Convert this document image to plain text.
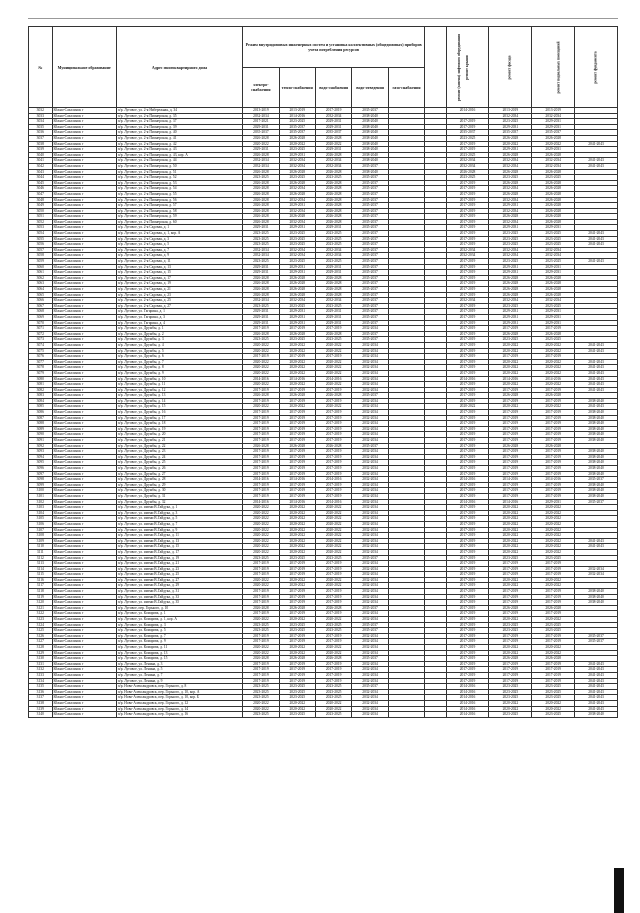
№	Муниципальное образование	Адрес многоквартирного дома	Режим внутридомовых инженерных систем и установка коллективных (общедомовых) приборов учета потребления ресурсов					ремонт (замена) лифтового оборудования	ремонт крыши	ремонт фасада	ремонт подвальных помещений	ремонт фундамента
			электро-снабжения	тепло-снабжения	водо-снабжения	водо-отведения	газо-снабжения					
3032	Южно-Сахалинск г	п/р. Луговое, ул. 2-я Набережная, д. 34	2013-2019	2013-2019	2017-2019	2035-2037			2014-2016	2013-2019	2013-2019	
3033	Южно-Сахалинск г	п/р. Луговое, ул. 2-я Пионерская, д. 35	2032-2034	2014-2016	2032-2034	2038-2040				2032-2034	2032-2034	
3034	Южно-Сахалинск г	п/р. Луговое, ул. 2-я Пионерская, д. 37	2017-2021	2023-2025	2029-2031	2038-2040			2017-2019	2023-2025	2029-2031	
3035	Южно-Сахалинск г	п/р. Луговое, ул. 2-я Пионерская, д. 39	2029-2031	2035-2037	2029-2031	2038-2040			2017-2019	2029-2031	2029-2031	
3036	Южно-Сахалинск г	п/р. Луговое, ул. 2-я Пионерская, д. 40	2035-2037	2035-2037	2035-2037	2038-2040			2035-2037	2035-2037	2035-2037	
3037	Южно-Сахалинск г	п/р. Луговое, ул. 2-я Пионерская, д. 41	2026-2028	2026-2028	2026-2028	2038-2040			2023-2025	2026-2028	2026-2028	
3038	Южно-Сахалинск г	п/р. Луговое, ул. 2-я Пионерская, д. 42	2020-2022	2020-2022	2020-2022	2038-2040			2017-2019	2020-2022	2020-2022	2041-2043
3039	Южно-Сахалинск г	п/р. Луговое, ул. 2-я Пионерская, д. 43	2029-2031	2023-2025	2029-2031	2038-2040			2017-2019	2029-2031	2029-2031	
3040	Южно-Сахалинск г	п/р. Луговое, ул. 2-я Пионерская, д. 43, кор. А	2026-2028	2029-2031	2026-2028	2038-2040			2023-2025	2026-2028	2026-2028	
3041	Южно-Сахалинск г	п/р. Луговое, ул. 2-я Пионерская, д. 44	2032-2034	2032-2034	2032-2034	2038-2040			2032-2034	2032-2034	2032-2034	2041-2043
3042	Южно-Сахалинск г	п/р. Луговое, ул. 2-я Пионерская, д. 50	2032-2034	2032-2034	2032-2034	2035-2037			2032-2034	2032-2034	2032-2034	2041-2043
3043	Южно-Сахалинск г	п/р. Луговое, ул. 2-я Пионерская, д. 51	2026-2028	2026-2028	2026-2028	2038-2040			2026-2028	2026-2028	2026-2028	
3044	Южно-Сахалинск г	п/р. Луговое, ул. 2-я Пионерская, д. 52	2023-2025	2023-2025	2023-2025	2035-2037			2023-2025	2023-2025	2023-2025	
3045	Южно-Сахалинск г	п/р. Луговое, ул. 2-я Пионерская, д. 53	2026-2028	2026-2028	2026-2028	2035-2037			2017-2019	2026-2028	2026-2028	
3046	Южно-Сахалинск г	п/р. Луговое, ул. 2-я Пионерская, д. 54	2026-2028	2032-2034	2026-2028	2035-2037			2017-2019	2032-2034	2026-2028	
3047	Южно-Сахалинск г	п/р. Луговое, ул. 2-я Пионерская, д. 55	2026-2028	2026-2028	2026-2028	2035-2037			2017-2019	2026-2028	2026-2028	
3048	Южно-Сахалинск г	п/р. Луговое, ул. 2-я Пионерская, д. 56	2026-2028	2032-2034	2026-2028	2035-2037			2017-2019	2032-2034	2026-2028	
3049	Южно-Сахалинск г	п/р. Луговое, ул. 2-я Пионерская, д. 57	2026-2028	2029-2031	2026-2028	2035-2037			2017-2019	2029-2031	2026-2028	
3050	Южно-Сахалинск г	п/р. Луговое, ул. 2-я Пионерская, д. 58	2026-2028	2032-2034	2026-2028	2035-2037			2017-2019	2032-2034	2026-2028	
3051	Южно-Сахалинск г	п/р. Луговое, ул. 2-я Пионерская, д. 59	2026-2028	2026-2028	2026-2028	2035-2037			2017-2019	2026-2028	2026-2028	
3052	Южно-Сахалинск г	п/р. Луговое, ул. 2-я Пионерская, д. 60	2026-2028	2032-2034	2026-2028	2035-2037			2017-2019	2032-2034	2026-2028	
3053	Южно-Сахалинск г	п/р. Луговое, ул. 2-я Садовая, д. 1	2029-2031	2029-2031	2029-2031	2035-2037			2017-2019	2029-2031	2029-2031	
3054	Южно-Сахалинск г	п/р. Луговое, ул. 2-я Садовая, д. 1, кор. А	2023-2025	2023-2025	2023-2025	2035-2037			2017-2019	2023-2025	2023-2025	2041-2043
3055	Южно-Сахалинск г	п/р. Луговое, ул. 2-я Садовая, д. 3	2023-2025	2023-2025	2023-2025	2035-2037			2017-2019	2023-2025	2023-2025	2041-2043
3056	Южно-Сахалинск г	п/р. Луговое, ул. 2-я Садовая, д. 5	2023-2025	2023-2025	2023-2025	2035-2037			2017-2019	2023-2025	2023-2025	2041-2043
3057	Южно-Сахалинск г	п/р. Луговое, ул. 2-я Садовая, д. 7	2032-2034	2032-2034	2032-2034	2035-2037			2032-2034	2032-2034	2032-2034	
3058	Южно-Сахалинск г	п/р. Луговое, ул. 2-я Садовая, д. 9	2032-2034	2032-2034	2032-2034	2035-2037			2032-2034	2032-2034	2032-2034	
3059	Южно-Сахалинск г	п/р. Луговое, ул. 2-я Садовая, д. 11	2023-2025	2023-2025	2023-2025	2035-2037			2017-2019	2023-2025	2023-2025	2041-2043
3060	Южно-Сахалинск г	п/р. Луговое, ул. 2-я Садовая, д. 13	2029-2031	2029-2031	2029-2031	2035-2037			2017-2019	2029-2031	2029-2031	
3061	Южно-Сахалинск г	п/р. Луговое, ул. 2-я Садовая, д. 15	2029-2031	2029-2031	2029-2031	2035-2037			2017-2019	2029-2031	2029-2031	
3062	Южно-Сахалинск г	п/р. Луговое, ул. 2-я Садовая, д. 17	2026-2028	2026-2028	2026-2028	2035-2037			2017-2019	2026-2028	2026-2028	
3063	Южно-Сахалинск г	п/р. Луговое, ул. 2-я Садовая, д. 19	2026-2028	2026-2028	2026-2028	2035-2037			2017-2019	2026-2028	2026-2028	
3064	Южно-Сахалинск г	п/р. Луговое, ул. 2-я Садовая, д. 21	2026-2028	2026-2028	2026-2028	2035-2037			2017-2019	2026-2028	2026-2028	
3065	Южно-Сахалинск г	п/р. Луговое, ул. 2-я Садовая, д. 23	2026-2028	2026-2028	2026-2028	2035-2037			2017-2019	2026-2028	2026-2028	
3066	Южно-Сахалинск г	п/р. Луговое, ул. 2-я Садовая, д. 25	2032-2034	2032-2034	2032-2034	2035-2037			2032-2034	2032-2034	2032-2034	
3067	Южно-Сахалинск г	п/р. Луговое, ул. 2-я Садовая, д. 27	2023-2025	2023-2025	2023-2025	2035-2037			2017-2019	2023-2025	2023-2025	
3068	Южно-Сахалинск г	п/р. Луговое, ул. Гагарина, д. 1	2029-2031	2029-2031	2029-2031	2035-2037			2017-2019	2029-2031	2029-2031	
3069	Южно-Сахалинск г	п/р. Луговое, ул. Гагарина, д. 3	2029-2031	2029-2031	2029-2031	2035-2037			2017-2019	2029-2031	2029-2031	
3070	Южно-Сахалинск г	п/р. Луговое, ул. Гагарина, д. 4	2029-2031	2029-2031	2029-2031	2035-2037			2017-2019	2029-2031	2029-2031	
3071	Южно-Сахалинск г	п/р. Луговое, ул. Дружбы, д. 1	2017-2019	2017-2019	2017-2019	2032-2034			2017-2019	2017-2019	2017-2019	
3072	Южно-Сахалинск г	п/р. Луговое, ул. Дружбы, д. 2	2026-2028	2026-2028	2026-2028	2035-2037			2017-2019	2026-2028	2026-2028	
3073	Южно-Сахалинск г	п/р. Луговое, ул. Дружбы, д. 3	2023-2025	2023-2025	2023-2025	2035-2037			2017-2019	2023-2025	2023-2025	
3074	Южно-Сахалинск г	п/р. Луговое, ул. Дружбы, д. 4	2020-2022	2020-2022	2020-2022	2032-2034			2017-2019	2020-2022	2020-2022	2041-2043
3075	Южно-Сахалинск г	п/р. Луговое, ул. Дружбы, д. 5	2020-2022	2020-2022	2020-2022	2032-2034			2017-2019	2020-2022	2020-2022	2041-2043
3076	Южно-Сахалинск г	п/р. Луговое, ул. Дружбы, д. 6	2017-2019	2017-2019	2017-2019	2032-2034			2017-2019	2017-2019	2017-2019	
3077	Южно-Сахалинск г	п/р. Луговое, ул. Дружбы, д. 7	2020-2022	2020-2022	2020-2022	2032-2034			2017-2019	2020-2022	2020-2022	2041-2043
3078	Южно-Сахалинск г	п/р. Луговое, ул. Дружбы, д. 8	2020-2022	2020-2022	2020-2022	2032-2034			2017-2019	2020-2022	2020-2022	2041-2043
3079	Южно-Сахалинск г	п/р. Луговое, ул. Дружбы, д. 9	2020-2022	2020-2022	2020-2022	2032-2034			2017-2019	2020-2022	2020-2022	2041-2043
3080	Южно-Сахалинск г	п/р. Луговое, ул. Дружбы, д. 10	2014-2016	2014-2016	2014-2016	2032-2034			2014-2016	2014-2016	2014-2016	2041-2043
3081	Южно-Сахалинск г	п/р. Луговое, ул. Дружбы, д. 11	2020-2022	2020-2022	2020-2022	2032-2034			2017-2019	2020-2022	2020-2022	2041-2043
3082	Южно-Сахалинск г	п/р. Луговое, ул. Дружбы, д. 12	2017-2019	2017-2019	2017-2019	2032-2034			2017-2019	2017-2019	2017-2019	2041-2043
3083	Южно-Сахалинск г	п/р. Луговое, ул. Дружбы, д. 13	2026-2028	2026-2028	2026-2028	2035-2037			2017-2019	2026-2028	2026-2028	
3084	Южно-Сахалинск г	п/р. Луговое, ул. Дружбы, д. 14	2017-2019	2017-2019	2017-2019	2032-2034			2017-2019	2017-2019	2017-2019	2038-2040
3085	Южно-Сахалинск г	п/р. Луговое, ул. Дружбы, д. 15	2020-2022	2020-2022	2020-2022	2032-2034			2020-2022	2020-2022	2020-2022	2041-2043
3086	Южно-Сахалинск г	п/р. Луговое, ул. Дружбы, д. 16	2017-2019	2017-2019	2017-2019	2032-2034			2017-2019	2017-2019	2017-2019	2038-2040
3087	Южно-Сахалинск г	п/р. Луговое, ул. Дружбы, д. 17	2017-2019	2017-2019	2017-2019	2032-2034			2017-2019	2017-2019	2017-2019	2038-2040
3088	Южно-Сахалинск г	п/р. Луговое, ул. Дружбы, д. 18	2017-2019	2017-2019	2017-2019	2032-2034			2017-2019	2017-2019	2017-2019	2038-2040
3089	Южно-Сахалинск г	п/р. Луговое, ул. Дружбы, д. 19	2017-2019	2017-2019	2017-2019	2032-2034			2017-2019	2017-2019	2017-2019	2038-2040
3090	Южно-Сахалинск г	п/р. Луговое, ул. Дружбы, д. 20	2017-2019	2017-2019	2017-2019	2032-2034			2017-2019	2017-2019	2017-2019	2038-2040
3091	Южно-Сахалинск г	п/р. Луговое, ул. Дружбы, д. 21	2017-2019	2017-2019	2017-2019	2032-2034			2017-2019	2017-2019	2017-2019	2038-2040
3092	Южно-Сахалинск г	п/р. Луговое, ул. Дружбы, д. 22	2026-2028	2026-2028	2026-2028	2035-2037			2017-2019	2026-2028	2026-2028	
3093	Южно-Сахалинск г	п/р. Луговое, ул. Дружбы, д. 23	2017-2019	2017-2019	2017-2019	2032-2034			2017-2019	2017-2019	2017-2019	2038-2040
3094	Южно-Сахалинск г	п/р. Луговое, ул. Дружбы, д. 24	2017-2019	2017-2019	2017-2019	2032-2034			2017-2019	2017-2019	2017-2019	2038-2040
3095	Южно-Сахалинск г	п/р. Луговое, ул. Дружбы, д. 25	2017-2019	2017-2019	2017-2019	2032-2034			2017-2019	2017-2019	2017-2019	2038-2040
3096	Южно-Сахалинск г	п/р. Луговое, ул. Дружбы, д. 26	2017-2019	2017-2019	2017-2019	2032-2034			2017-2019	2017-2019	2017-2019	2038-2040
3097	Южно-Сахалинск г	п/р. Луговое, ул. Дружбы, д. 27	2017-2019	2017-2019	2017-2019	2032-2034			2017-2019	2017-2019	2017-2019	2038-2040
3098	Южно-Сахалинск г	п/р. Луговое, ул. Дружбы, д. 28	2014-2016	2014-2016	2014-2016	2032-2034			2014-2016	2014-2016	2014-2016	2035-2037
3099	Южно-Сахалинск г	п/р. Луговое, ул. Дружбы, д. 29	2017-2019	2017-2019	2017-2019	2032-2034			2017-2019	2017-2019	2017-2019	2038-2040
3100	Южно-Сахалинск г	п/р. Луговое, ул. Дружбы, д. 30	2017-2019	2017-2019	2017-2019	2032-2034			2017-2019	2017-2019	2017-2019	2038-2040
3101	Южно-Сахалинск г	п/р. Луговое, ул. Дружбы, д. 31	2017-2019	2017-2019	2017-2019	2032-2034			2017-2019	2017-2019	2017-2019	2038-2040
3102	Южно-Сахалинск г	п/р. Луговое, ул. Дружбы, д. 32	2014-2016	2014-2016	2014-2016	2032-2034			2014-2016	2014-2016	2029-2031	2035-2037
3103	Южно-Сахалинск г	п/р. Луговое, ул. имени В.Гайдука, д. 1	2020-2022	2020-2022	2020-2022	2032-2034			2017-2019	2020-2022	2020-2022	
3104	Южно-Сахалинск г	п/р. Луговое, ул. имени В.Гайдука, д. 3	2020-2022	2020-2022	2020-2022	2032-2034			2017-2019	2020-2022	2020-2022	
3105	Южно-Сахалинск г	п/р. Луговое, ул. имени В.Гайдука, д. 5	2020-2022	2020-2022	2020-2022	2032-2034			2017-2019	2020-2022	2020-2022	
3106	Южно-Сахалинск г	п/р. Луговое, ул. имени В.Гайдука, д. 7	2020-2022	2020-2022	2020-2022	2032-2034			2017-2019	2020-2022	2020-2022	
3107	Южно-Сахалинск г	п/р. Луговое, ул. имени В.Гайдука, д. 9	2020-2022	2020-2022	2020-2022	2032-2034			2017-2019	2020-2022	2020-2022	
3108	Южно-Сахалинск г	п/р. Луговое, ул. имени В.Гайдука, д. 11	2020-2022	2020-2022	2020-2022	2032-2034			2017-2019	2020-2022	2020-2022	
3109	Южно-Сахалинск г	п/р. Луговое, ул. имени В.Гайдука, д. 13	2020-2022	2020-2022	2020-2022	2032-2034			2017-2019	2020-2022	2020-2022	2041-2043
3110	Южно-Сахалинск г	п/р. Луговое, ул. имени В.Гайдука, д. 15	2020-2022	2020-2022	2020-2022	2032-2034			2017-2019	2020-2022	2020-2022	2041-2043
3111	Южно-Сахалинск г	п/р. Луговое, ул. имени В.Гайдука, д. 17	2020-2022	2020-2022	2020-2022	2032-2034			2017-2019	2020-2022	2020-2022	
3112	Южно-Сахалинск г	п/р. Луговое, ул. имени В.Гайдука, д. 19	2023-2025	2023-2025	2023-2025	2035-2037			2017-2019	2023-2025	2023-2025	
3113	Южно-Сахалинск г	п/р. Луговое, ул. имени В.Гайдука, д. 21	2017-2019	2017-2019	2017-2019	2032-2034			2017-2019	2017-2019	2017-2019	
3114	Южно-Сахалинск г	п/р. Луговое, ул. имени В.Гайдука, д. 23	2017-2019	2017-2019	2017-2019	2032-2034			2017-2019	2017-2019	2017-2019	2032-2034
3115	Южно-Сахалинск г	п/р. Луговое, ул. имени В.Гайдука, д. 25	2017-2019	2017-2019	2017-2019	2032-2034			2017-2019	2017-2019	2017-2019	2032-2034
3116	Южно-Сахалинск г	п/р. Луговое, ул. имени В.Гайдука, д. 27	2020-2022	2020-2022	2020-2022	2032-2034			2017-2019	2020-2022	2020-2022	
3117	Южно-Сахалинск г	п/р. Луговое, ул. имени В.Гайдука, д. 29	2020-2022	2020-2022	2020-2022	2032-2034			2017-2019	2020-2022	2020-2022	
3118	Южно-Сахалинск г	п/р. Луговое, ул. имени В.Гайдука, д. 31	2017-2019	2017-2019	2017-2019	2032-2034			2017-2019	2017-2019	2017-2019	2038-2040
3119	Южно-Сахалинск г	п/р. Луговое, ул. имени В.Гайдука, д. 33	2017-2019	2017-2019	2017-2019	2032-2034			2017-2019	2017-2019	2017-2019	2038-2040
3120	Южно-Сахалинск г	п/р. Луговое, ул. имени В.Гайдука, д. 35	2017-2019	2017-2019	2017-2019	2032-2034			2017-2019	2017-2019	2017-2019	2038-2040
3121	Южно-Сахалинск г	п/р. Луговое, пер. Горького, д. 10	2026-2028	2026-2028	2026-2028	2035-2037			2017-2019	2026-2028	2026-2028	
3122	Южно-Сахалинск г	п/р. Луговое, ул. Комарова, д. 1	2017-2019	2017-2019	2017-2019	2032-2034			2017-2019	2017-2019	2017-2019	
3123	Южно-Сахалинск г	п/р. Луговое, ул. Комарова, д. 1, кор. А	2020-2022	2020-2022	2020-2022	2032-2034			2017-2019	2020-2022	2020-2022	
3124	Южно-Сахалинск г	п/р. Луговое, ул. Комарова, д. 3	2023-2025	2023-2025	2023-2025	2035-2037			2017-2019	2023-2025	2023-2025	
3125	Южно-Сахалинск г	п/р. Луговое, ул. Комарова, д. 5	2023-2025	2023-2025	2023-2025	2035-2037			2017-2019	2023-2025	2023-2025	
3126	Южно-Сахалинск г	п/р. Луговое, ул. Комарова, д. 7	2017-2019	2017-2019	2017-2019	2032-2034			2017-2019	2017-2019	2017-2019	2035-2037
3127	Южно-Сахалинск г	п/р. Луговое, ул. Комарова, д. 9	2017-2019	2017-2019	2017-2019	2032-2034			2017-2019	2017-2019	2017-2019	2035-2037
3128	Южно-Сахалинск г	п/р. Луговое, ул. Комарова, д. 11	2020-2022	2020-2022	2020-2022	2032-2034			2017-2019	2020-2022	2020-2022	
3129	Южно-Сахалинск г	п/р. Луговое, ул. Комарова, д. 13	2020-2022	2020-2022	2020-2022	2032-2034			2017-2019	2020-2022	2020-2022	
3130	Южно-Сахалинск г	п/р. Луговое, ул. Комарова, д. 15	2026-2028	2026-2028	2026-2028	2035-2037			2017-2019	2026-2028	2026-2028	
3131	Южно-Сахалинск г	п/р. Луговое, ул. Ленина, д. 3	2017-2019	2017-2019	2017-2019	2032-2034			2017-2019	2017-2019	2017-2019	2041-2043
3132	Южно-Сахалинск г	п/р. Луговое, ул. Ленина, д. 5	2017-2019	2017-2019	2017-2019	2032-2034			2017-2019	2017-2019	2017-2019	2041-2043
3133	Южно-Сахалинск г	п/р. Луговое, ул. Ленина, д. 7	2017-2019	2017-2019	2017-2019	2032-2034			2017-2019	2017-2019	2017-2019	2041-2043
3134	Южно-Сахалинск г	п/р. Луговое, ул. Ленина, д. 9	2017-2019	2017-2019	2017-2019	2032-2034			2017-2019	2017-2019	2017-2019	2041-2043
3135	Южно-Сахалинск г	п/р. Ново-Александровск, пер. Горького, д. 8	2023-2025	2023-2025	2023-2025	2035-2037			2014-2016	2023-2025	2023-2025	2041-2043
3136	Южно-Сахалинск г	п/р. Ново-Александровск, пер. Горького, д. 10, кор. А	2023-2025	2023-2025	2023-2025	2032-2034			2014-2016	2023-2025	2023-2025	2041-2043
3137	Южно-Сахалинск г	п/р. Ново-Александровск, пер. Горького, д. 10, кор. Б	2023-2025	2023-2025	2023-2025	2032-2034			2014-2016	2023-2025	2023-2025	2041-2043
3138	Южно-Сахалинск г	п/р. Ново-Александровск, пер. Горького, д. 12	2020-2022	2020-2022	2020-2022	2032-2034			2014-2016	2020-2022	2020-2022	2041-2043
3139	Южно-Сахалинск г	п/р. Ново-Александровск, пер. Горького, д. 14	2020-2022	2020-2022	2020-2022	2032-2034			2014-2016	2020-2022	2020-2022	2041-2043
3140	Южно-Сахалинск г	п/р. Ново-Александровск, пер. Горького, д. 16	2023-2025	2023-2025	2023-2025	2032-2034			2014-2016	2023-2025	2023-2025	2038-2040
